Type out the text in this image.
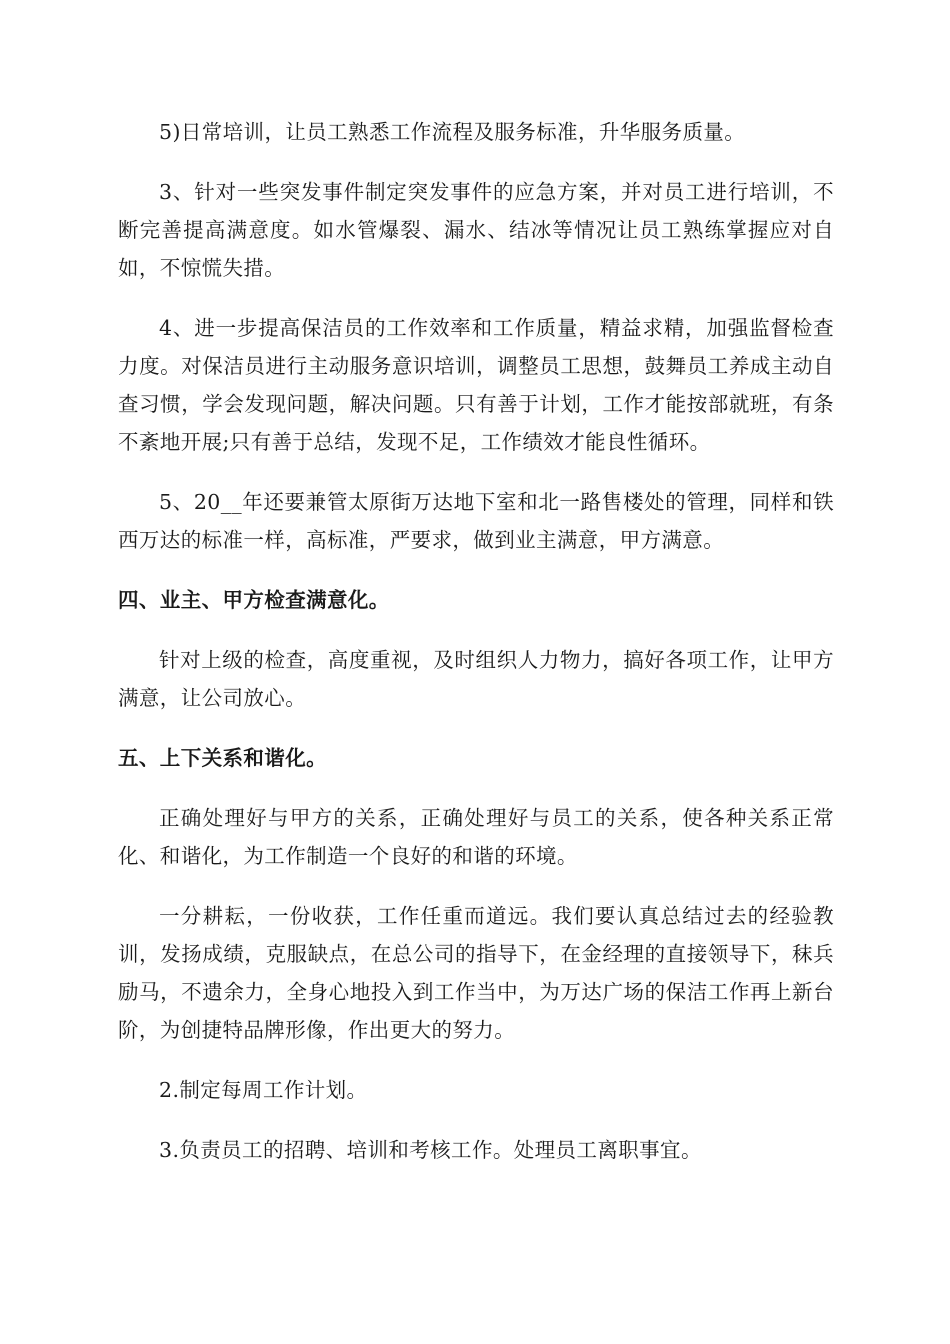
5)日常培训，让员工熟悉工作流程及服务标准，升华服务质量。

3、针对一些突发事件制定突发事件的应急方案，并对员工进行培训，不断完善提高满意度。如水管爆裂、漏水、结冰等情况让员工熟练掌握应对自如，不惊慌失措。

4、进一步提高保洁员的工作效率和工作质量，精益求精，加强监督检查力度。对保洁员进行主动服务意识培训，调整员工思想，鼓舞员工养成主动自查习惯，学会发现问题，解决问题。只有善于计划，工作才能按部就班，有条不紊地开展;只有善于总结，发现不足，工作绩效才能良性循环。

5、20__年还要兼管太原街万达地下室和北一路售楼处的管理，同样和铁西万达的标准一样，高标准，严要求，做到业主满意，甲方满意。

四、业主、甲方检查满意化。

针对上级的检查，高度重视，及时组织人力物力，搞好各项工作，让甲方满意，让公司放心。

五、上下关系和谐化。

正确处理好与甲方的关系，正确处理好与员工的关系，使各种关系正常化、和谐化，为工作制造一个良好的和谐的环境。

一分耕耘，一份收获，工作任重而道远。我们要认真总结过去的经验教训，发扬成绩，克服缺点，在总公司的指导下，在金经理的直接领导下，秣兵励马，不遗余力，全身心地投入到工作当中，为万达广场的保洁工作再上新台阶，为创捷特品牌形像，作出更大的努力。

2.制定每周工作计划。

3.负责员工的招聘、培训和考核工作。处理员工离职事宜。
